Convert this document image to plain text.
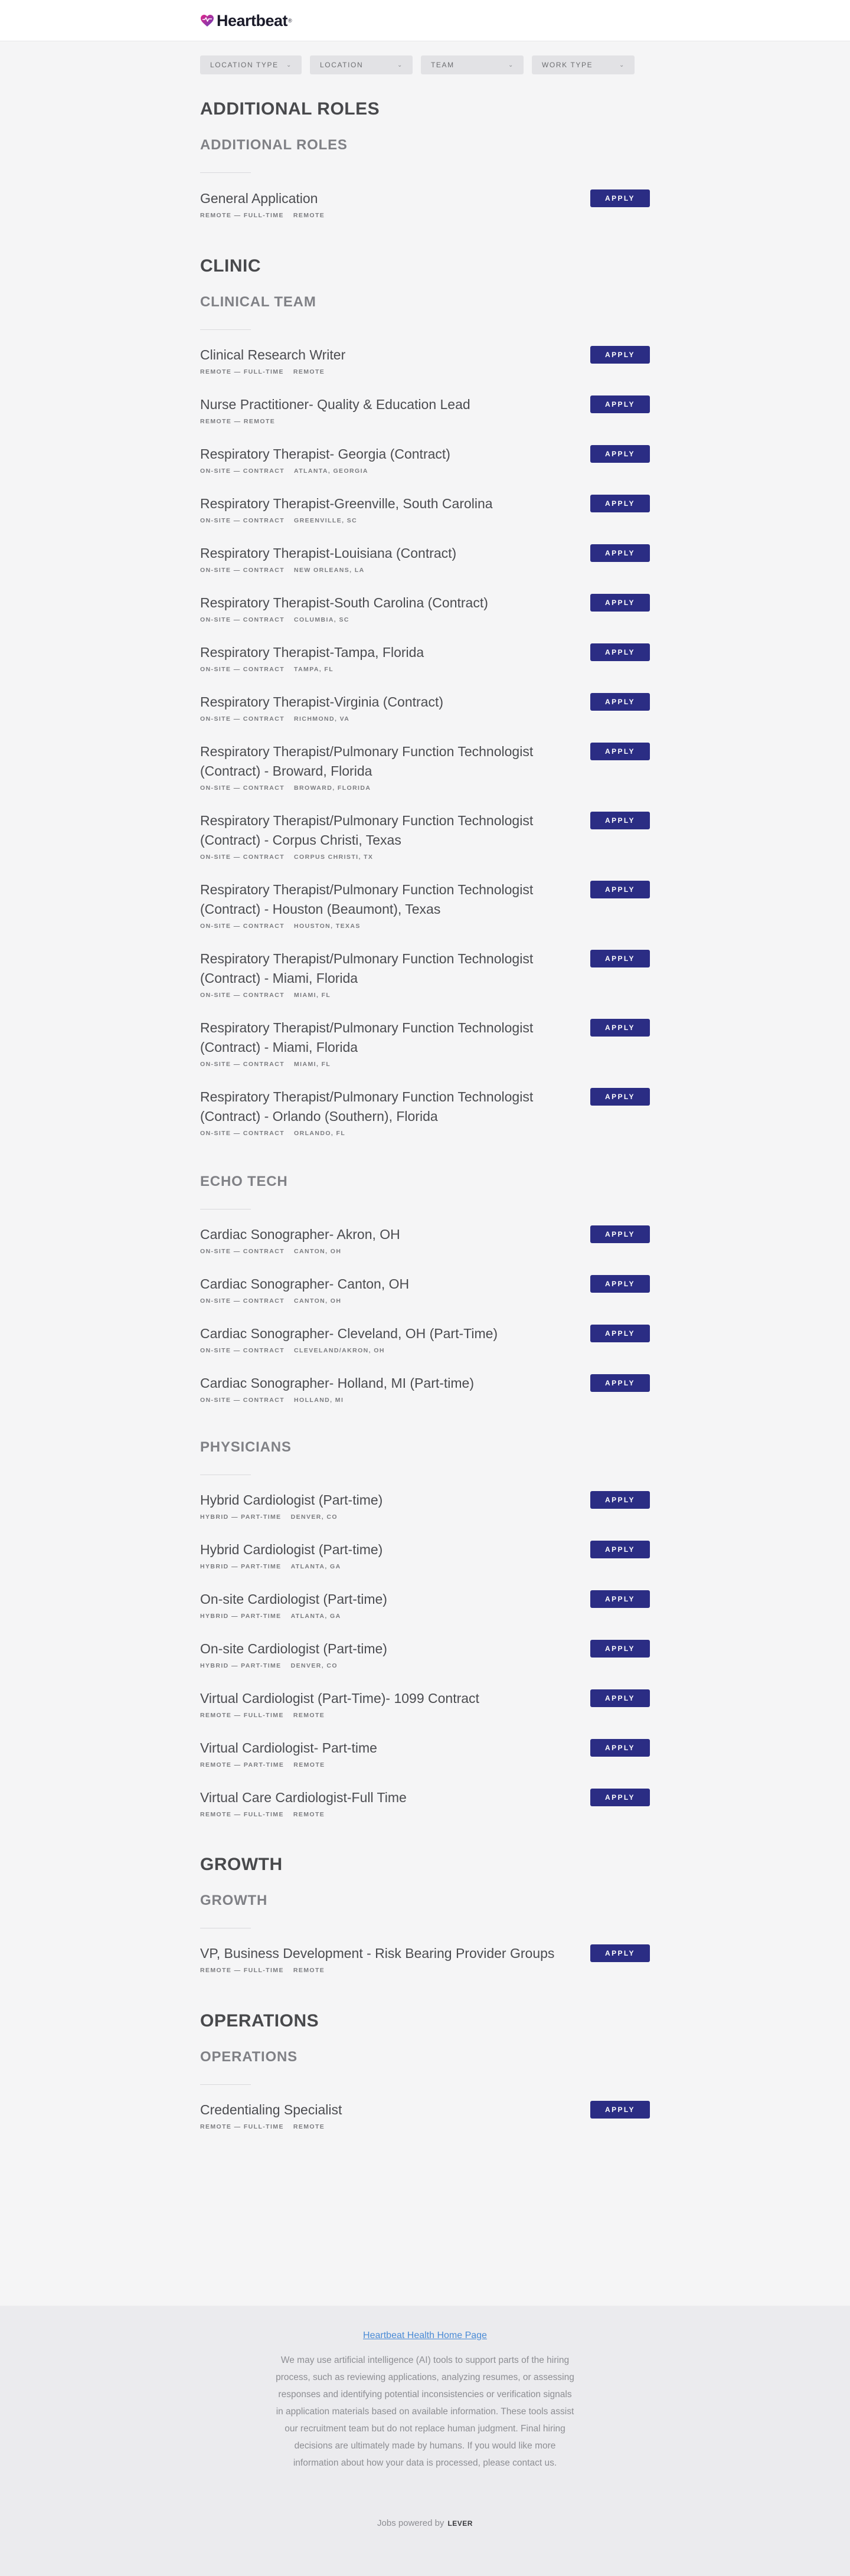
Heartbeat ®
LOCATION TYPE ⌄	LOCATION	⌄	TEAM	⌄	WORK TYPE	⌄
ADDITIONAL ROLES
ADDITIONAL ROLES
General Application
REMOTE — FULL-TIME REMOTE
APPLY
CLINIC
CLINICAL TEAM
Clinical Research Writer
REMOTE — FULL-TIME REMOTE
APPLY
Nurse Practitioner- Quality & Education Lead
REMOTE — REMOTE
APPLY
Respiratory Therapist- Georgia (Contract)
ON-SITE — CONTRACT ATLANTA, GEORGIA
APPLY
Respiratory Therapist-Greenville, South Carolina
ON-SITE — CONTRACT GREENVILLE, SC
APPLY
Respiratory Therapist-Louisiana (Contract)
ON-SITE — CONTRACT NEW ORLEANS, LA
APPLY
Respiratory Therapist-South Carolina (Contract)
ON-SITE — CONTRACT COLUMBIA, SC
APPLY
Respiratory Therapist-Tampa, Florida
ON-SITE — CONTRACT TAMPA, FL
APPLY
Respiratory Therapist-Virginia (Contract)
ON-SITE — CONTRACT RICHMOND, VA
APPLY
Respiratory Therapist/Pulmonary Function Technologist (Contract) - Broward, Florida
ON-SITE — CONTRACT BROWARD, FLORIDA
APPLY
Respiratory Therapist/Pulmonary Function Technologist (Contract) - Corpus Christi, Texas
ON-SITE — CONTRACT CORPUS CHRISTI, TX
APPLY
Respiratory Therapist/Pulmonary Function Technologist (Contract) - Houston (Beaumont), Texas
ON-SITE — CONTRACT HOUSTON, TEXAS
APPLY
Respiratory Therapist/Pulmonary Function Technologist (Contract) - Miami, Florida
ON-SITE — CONTRACT MIAMI, FL
APPLY
Respiratory Therapist/Pulmonary Function Technologist (Contract) - Miami, Florida
ON-SITE — CONTRACT MIAMI, FL
APPLY
Respiratory Therapist/Pulmonary Function Technologist (Contract) - Orlando (Southern), Florida
ON-SITE — CONTRACT ORLANDO, FL
APPLY
ECHO TECH
Cardiac Sonographer- Akron, OH
ON-SITE — CONTRACT CANTON, OH
APPLY
Cardiac Sonographer- Canton, OH
ON-SITE — CONTRACT CANTON, OH
APPLY
Cardiac Sonographer- Cleveland, OH (Part-Time)
ON-SITE — CONTRACT CLEVELAND/AKRON, OH
APPLY
Cardiac Sonographer- Holland, MI (Part-time)
ON-SITE — CONTRACT HOLLAND, MI
APPLY
PHYSICIANS
Hybrid Cardiologist (Part-time)
HYBRID — PART-TIME DENVER, CO
APPLY
Hybrid Cardiologist (Part-time)
HYBRID — PART-TIME ATLANTA, GA
APPLY
On-site Cardiologist (Part-time)
HYBRID — PART-TIME ATLANTA, GA
APPLY
On-site Cardiologist (Part-time)
HYBRID — PART-TIME DENVER, CO
APPLY
Virtual Cardiologist (Part-Time)- 1099 Contract
REMOTE — FULL-TIME REMOTE
APPLY
Virtual Cardiologist- Part-time
REMOTE — PART-TIME REMOTE
APPLY
Virtual Care Cardiologist-Full Time
REMOTE — FULL-TIME REMOTE
APPLY
GROWTH
GROWTH
VP, Business Development - Risk Bearing Provider Groups
REMOTE — FULL-TIME REMOTE
APPLY
OPERATIONS
OPERATIONS
Credentialing Specialist
REMOTE — FULL-TIME REMOTE
APPLY
Heartbeat Health Home Page

We may use artificial intelligence (AI) tools to support parts of the hiring process, such as reviewing applications, analyzing resumes, or assessing responses and identifying potential inconsistencies or verification signals in application materials based on available information. These tools assist our recruitment team but do not replace human judgment. Final hiring decisions are ultimately made by humans. If you would like more information about how your data is processed, please contact us.

Jobs powered by LEVER
